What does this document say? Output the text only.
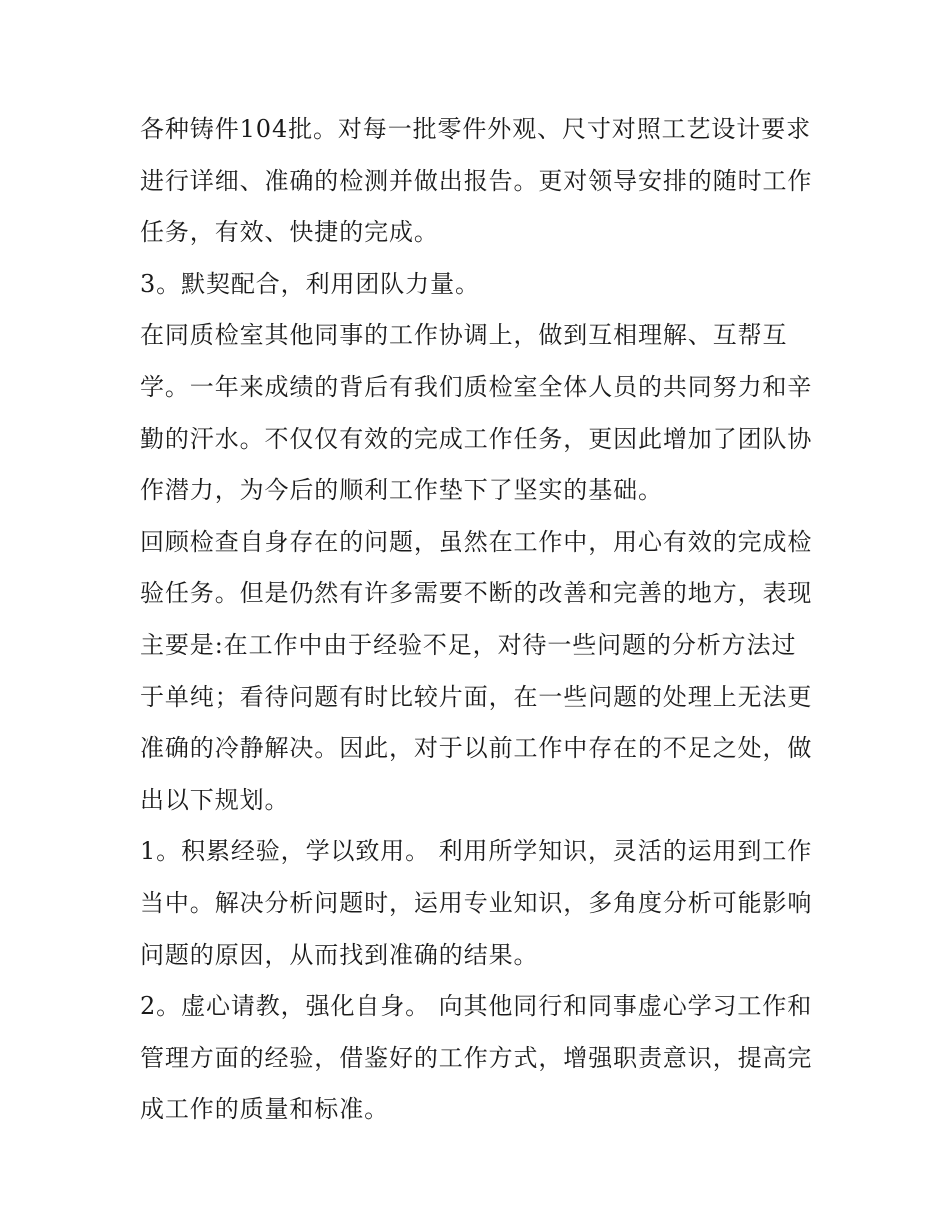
各种铸件104批。对每一批零件外观、尺寸对照工艺设计要求
进行详细、准确的检测并做出报告。更对领导安排的随时工作
任务，有效、快捷的完成。
3。默契配合，利用团队力量。
在同质检室其他同事的工作协调上，做到互相理解、互帮互
学。一年来成绩的背后有我们质检室全体人员的共同努力和辛
勤的汗水。不仅仅有效的完成工作任务，更因此增加了团队协
作潜力，为今后的顺利工作垫下了坚实的基础。
回顾检查自身存在的问题，虽然在工作中，用心有效的完成检
验任务。但是仍然有许多需要不断的改善和完善的地方，表现
主要是:在工作中由于经验不足，对待一些问题的分析方法过
于单纯；看待问题有时比较片面，在一些问题的处理上无法更
准确的冷静解决。因此，对于以前工作中存在的不足之处，做
出以下规划。
1。积累经验，学以致用。 利用所学知识，灵活的运用到工作
当中。解决分析问题时，运用专业知识，多角度分析可能影响
问题的原因，从而找到准确的结果。
2。虚心请教，强化自身。 向其他同行和同事虚心学习工作和
管理方面的经验，借鉴好的工作方式，增强职责意识，提高完
成工作的质量和标准。
